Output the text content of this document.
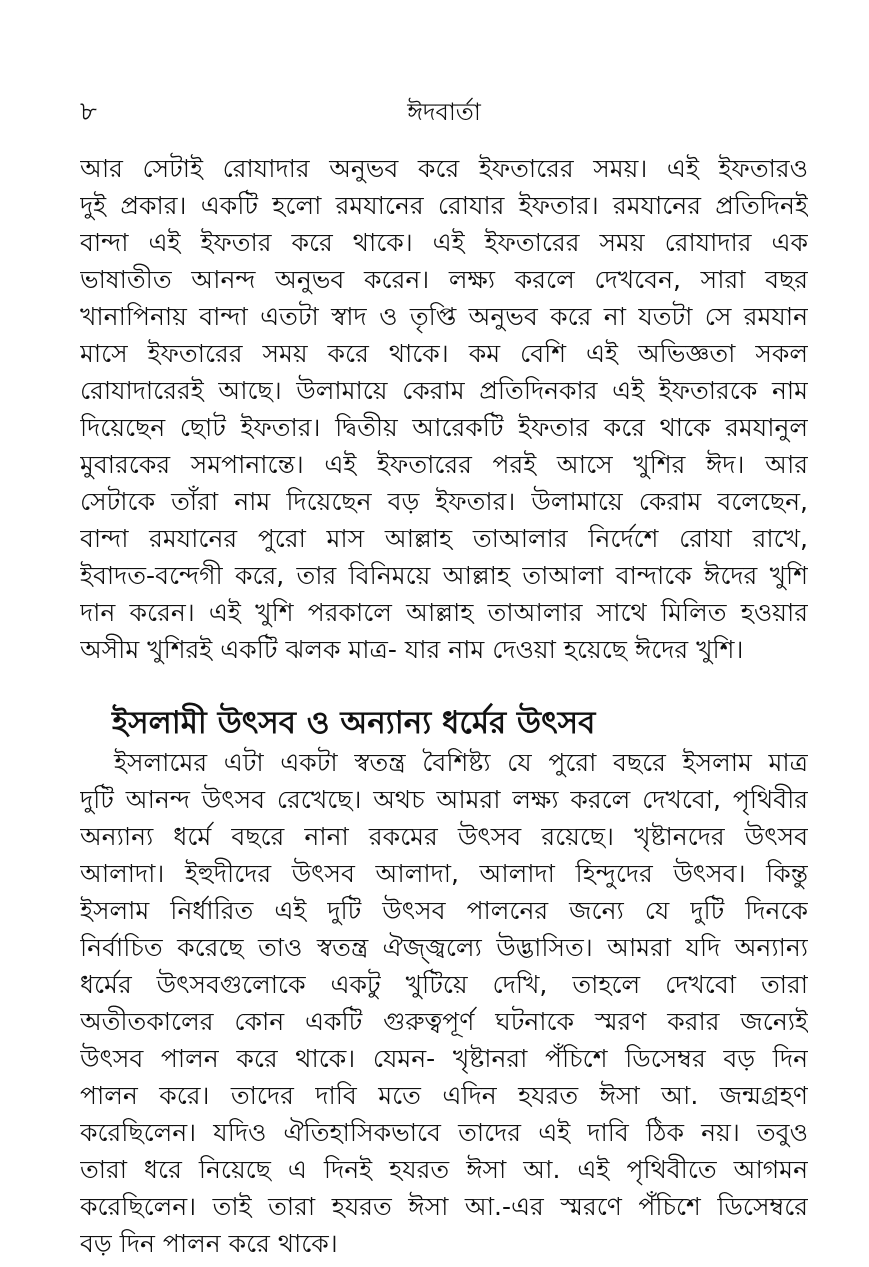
৮	ঈদবার্তা
আর সেটাই রোযাদার অনুভব করে ইফতারের সময়। এই ইফতারও
দুই প্রকার। একটি হলো রমযানের রোযার ইফতার। রমযানের প্রতিদিনই
বান্দা এই ইফতার করে থাকে। এই ইফতারের সময় রোযাদার এক
ভাষাতীত আনন্দ অনুভব করেন। লক্ষ্য করলে দেখবেন, সারা বছর
খানাপিনায় বান্দা এতটা স্বাদ ও তৃপ্তি অনুভব করে না যতটা সে রমযান
মাসে ইফতারের সময় করে থাকে। কম বেশি এই অভিজ্ঞতা সকল
রোযাদারেরই আছে। উলামায়ে কেরাম প্রতিদিনকার এই ইফতারকে নাম
দিয়েছেন ছোট ইফতার। দ্বিতীয় আরেকটি ইফতার করে থাকে রমযানুল
মুবারকের সমপানান্তে। এই ইফতারের পরই আসে খুশির ঈদ। আর
সেটাকে তাঁরা নাম দিয়েছেন বড় ইফতার। উলামায়ে কেরাম বলেছেন,
বান্দা রমযানের পুরো মাস আল্লাহ তাআলার নির্দেশে রোযা রাখে,
ইবাদত-বন্দেগী করে, তার বিনিময়ে আল্লাহ তাআলা বান্দাকে ঈদের খুশি
দান করেন। এই খুশি পরকালে আল্লাহ তাআলার সাথে মিলিত হওয়ার
অসীম খুশিরই একটি ঝলক মাত্র- যার নাম দেওয়া হয়েছে ঈদের খুশি।
ইসলামী উৎসব ও অন্যান্য ধর্মের উৎসব
ইসলামের এটা একটা স্বতন্ত্র বৈশিষ্ট্য যে পুরো বছরে ইসলাম মাত্র
দুটি আনন্দ উৎসব রেখেছে। অথচ আমরা লক্ষ্য করলে দেখবো, পৃথিবীর
অন্যান্য ধর্মে বছরে নানা রকমের উৎসব রয়েছে। খৃষ্টানদের উৎসব
আলাদা। ইহুদীদের উৎসব আলাদা, আলাদা হিন্দুদের উৎসব। কিন্তু
ইসলাম নির্ধারিত এই দুটি উৎসব পালনের জন্যে যে দুটি দিনকে
নির্বাচিত করেছে তাও স্বতন্ত্র ঐজ্জ্বল্যে উদ্ভাসিত। আমরা যদি অন্যান্য
ধর্মের উৎসবগুলোকে একটু খুটিয়ে দেখি, তাহলে দেখবো তারা
অতীতকালের কোন একটি গুরুত্বপূর্ণ ঘটনাকে স্মরণ করার জন্যেই
উৎসব পালন করে থাকে। যেমন- খৃষ্টানরা পঁচিশে ডিসেম্বর বড় দিন
পালন করে। তাদের দাবি মতে এদিন হযরত ঈসা আ. জন্মগ্রহণ
করেছিলেন। যদিও ঐতিহাসিকভাবে তাদের এই দাবি ঠিক নয়। তবুও
তারা ধরে নিয়েছে এ দিনই হযরত ঈসা আ. এই পৃথিবীতে আগমন
করেছিলেন। তাই তারা হযরত ঈসা আ.-এর স্মরণে পঁচিশে ডিসেম্বরে
বড় দিন পালন করে থাকে।
